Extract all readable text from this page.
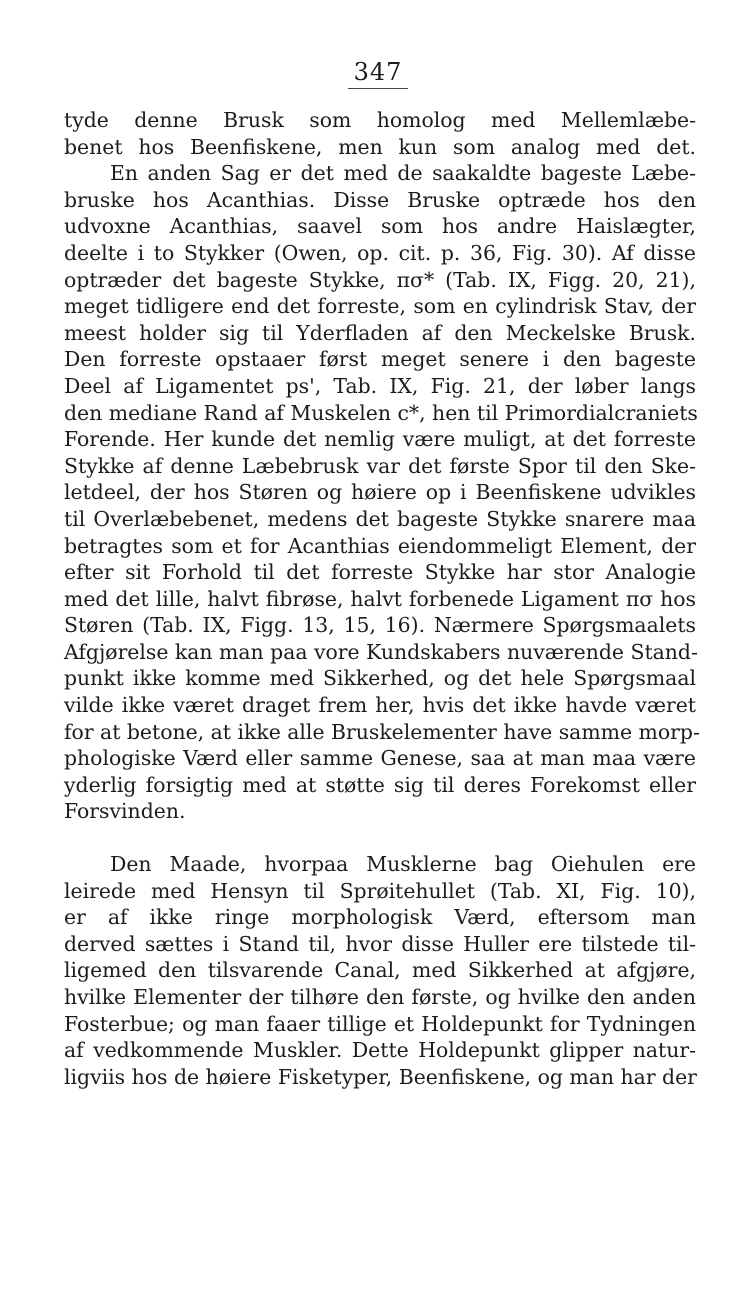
347
tyde denne Brusk som homolog med Mellemlæbe-
benet hos Beenfiskene, men kun som analog med det.
En anden Sag er det med de saakaldte bageste Læbe-
bruske hos Acanthias. Disse Bruske optræde hos den
udvoxne Acanthias, saavel som hos andre Haislægter,
deelte i to Stykker (Owen, op. cit. p. 36, Fig. 30). Af disse
optræder det bageste Stykke, πσ* (Tab. IX, Figg. 20, 21),
meget tidligere end det forreste, som en cylindrisk Stav, der
meest holder sig til Yderfladen af den Meckelske Brusk.
Den forreste opstaaer først meget senere i den bageste
Deel af Ligamentet ps', Tab. IX, Fig. 21, der løber langs
den mediane Rand af Muskelen c*, hen til Primordialcraniets
Forende. Her kunde det nemlig være muligt, at det forreste
Stykke af denne Læbebrusk var det første Spor til den Ske-
letdeel, der hos Støren og høiere op i Beenfiskene udvikles
til Overlæbebenet, medens det bageste Stykke snarere maa
betragtes som et for Acanthias eiendommeligt Element, der
efter sit Forhold til det forreste Stykke har stor Analogie
med det lille, halvt fibrøse, halvt forbenede Ligament πσ hos
Støren (Tab. IX, Figg. 13, 15, 16). Nærmere Spørgsmaalets
Afgjørelse kan man paa vore Kundskabers nuværende Stand-
punkt ikke komme med Sikkerhed, og det hele Spørgsmaal
vilde ikke været draget frem her, hvis det ikke havde været
for at betone, at ikke alle Bruskelementer have samme morp-
phologiske Værd eller samme Genese, saa at man maa være
yderlig forsigtig med at støtte sig til deres Forekomst eller
Forsvinden.
Den Maade, hvorpaa Musklerne bag Oiehulen ere
leirede med Hensyn til Sprøitehullet (Tab. XI, Fig. 10),
er af ikke ringe morphologisk Værd, eftersom man
derved sættes i Stand til, hvor disse Huller ere tilstede til-
ligemed den tilsvarende Canal, med Sikkerhed at afgjøre,
hvilke Elementer der tilhøre den første, og hvilke den anden
Fosterbue; og man faaer tillige et Holdepunkt for Tydningen
af vedkommende Muskler. Dette Holdepunkt glipper natur-
ligviis hos de høiere Fisketyper, Beenfiskene, og man har der
